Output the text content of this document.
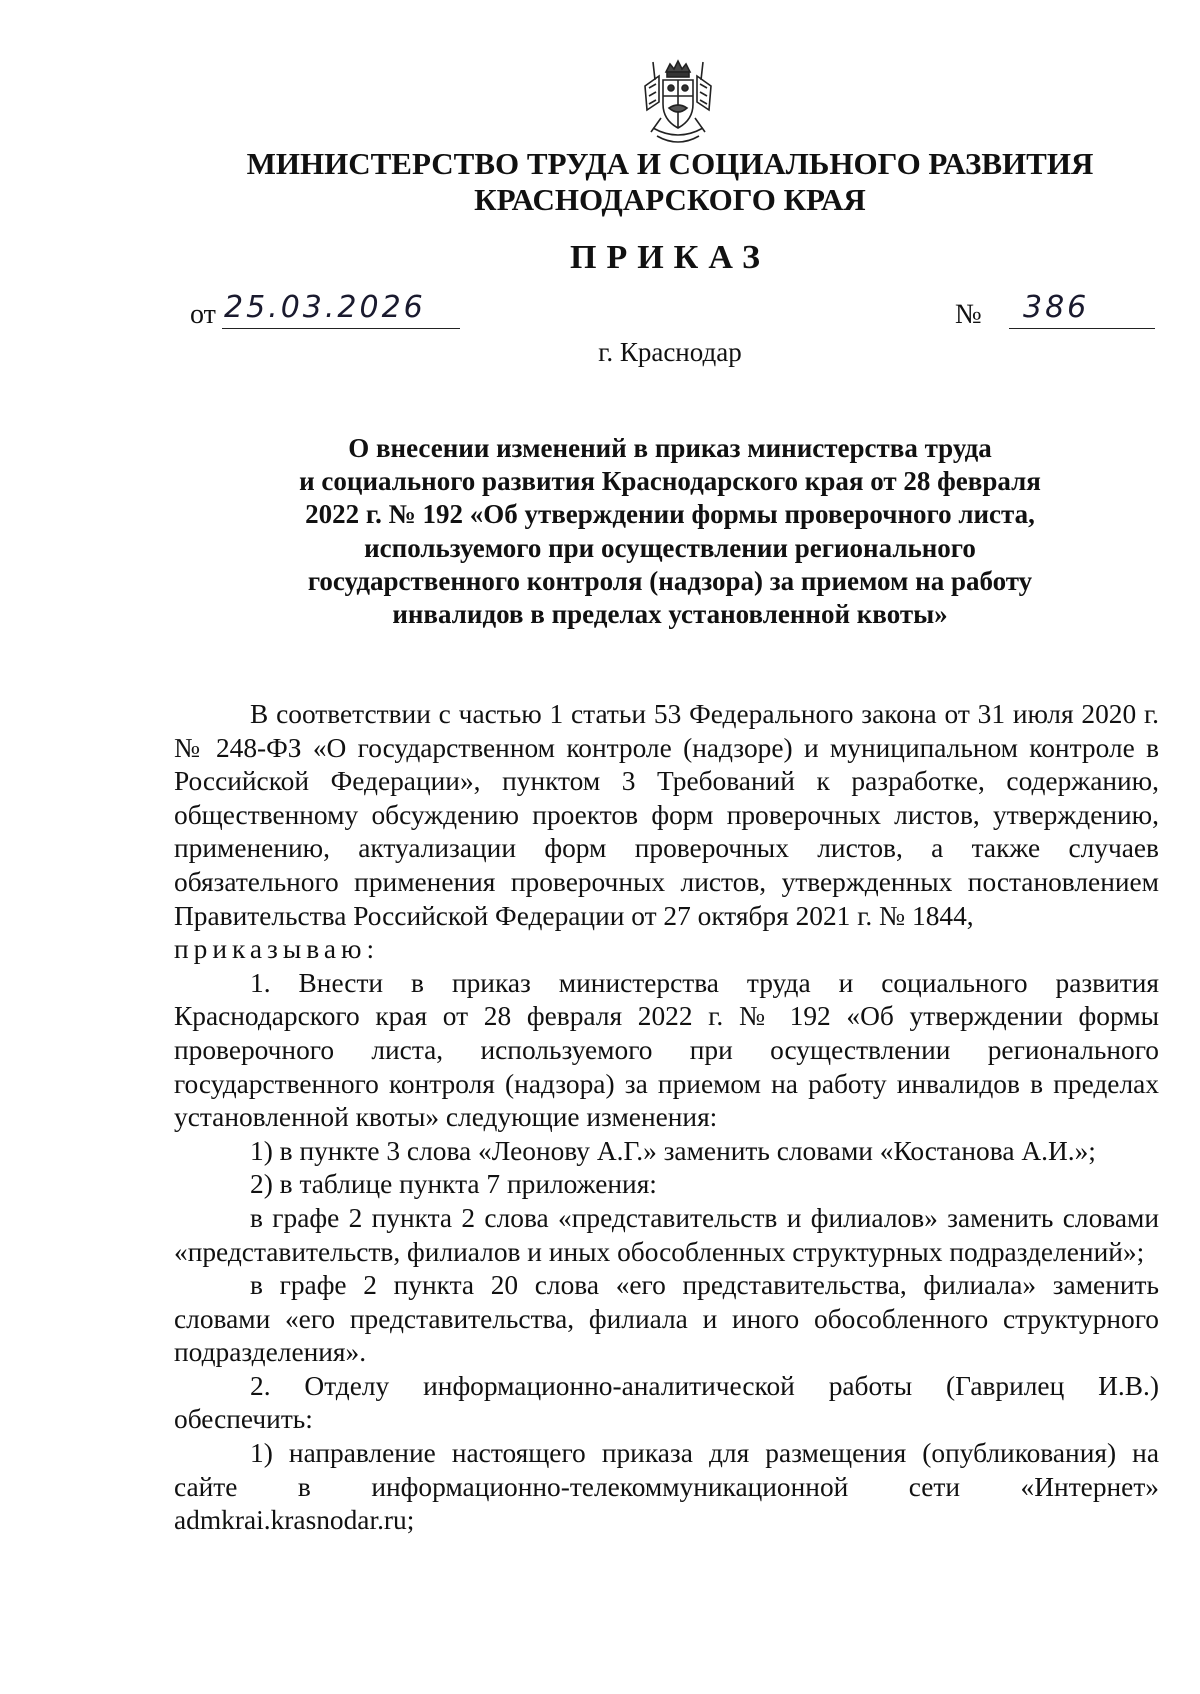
МИНИСТЕРСТВО ТРУДА И СОЦИАЛЬНОГО РАЗВИТИЯ
КРАСНОДАРСКОГО КРАЯ
ПРИКАЗ
от 25.03.2026	№ 386
г. Краснодар
О внесении изменений в приказ министерства труда
и социального развития Краснодарского края от 28 февраля
2022 г. № 192 «Об утверждении формы проверочного листа,
используемого при осуществлении регионального
государственного контроля (надзора) за приемом на работу
инвалидов в пределах установленной квоты»

В соответствии с частью 1 статьи 53 Федерального закона от 31 июля 2020 г. № 248-ФЗ «О государственном контроле (надзоре) и муниципальном контроле в Российской Федерации», пунктом 3 Требований к разработке, содержанию, общественному обсуждению проектов форм проверочных листов, утверждению, применению, актуализации форм проверочных листов, а также случаев обязательного применения проверочных листов, утвержденных постановлением Правительства Российской Федерации от 27 октября 2021 г. № 1844,

приказываю:

1. Внести в приказ министерства труда и социального развития Краснодарского края от 28 февраля 2022 г. № 192 «Об утверждении формы проверочного листа, используемого при осуществлении регионального государственного контроля (надзора) за приемом на работу инвалидов в пределах установленной квоты» следующие изменения:

1) в пункте 3 слова «Леонову А.Г.» заменить словами «Костанова А.И.»;

2) в таблице пункта 7 приложения:

в графе 2 пункта 2 слова «представительств и филиалов» заменить словами «представительств, филиалов и иных обособленных структурных подразделений»;

в графе 2 пункта 20 слова «его представительства, филиала» заменить словами «его представительства, филиала и иного обособленного структурного подразделения».

2. Отделу информационно-аналитической работы (Гаврилец И.В.) обеспечить:

1) направление настоящего приказа для размещения (опубликования) на сайте в информационно-телекоммуникационной сети «Интернет» admkrai.krasnodar.ru;
